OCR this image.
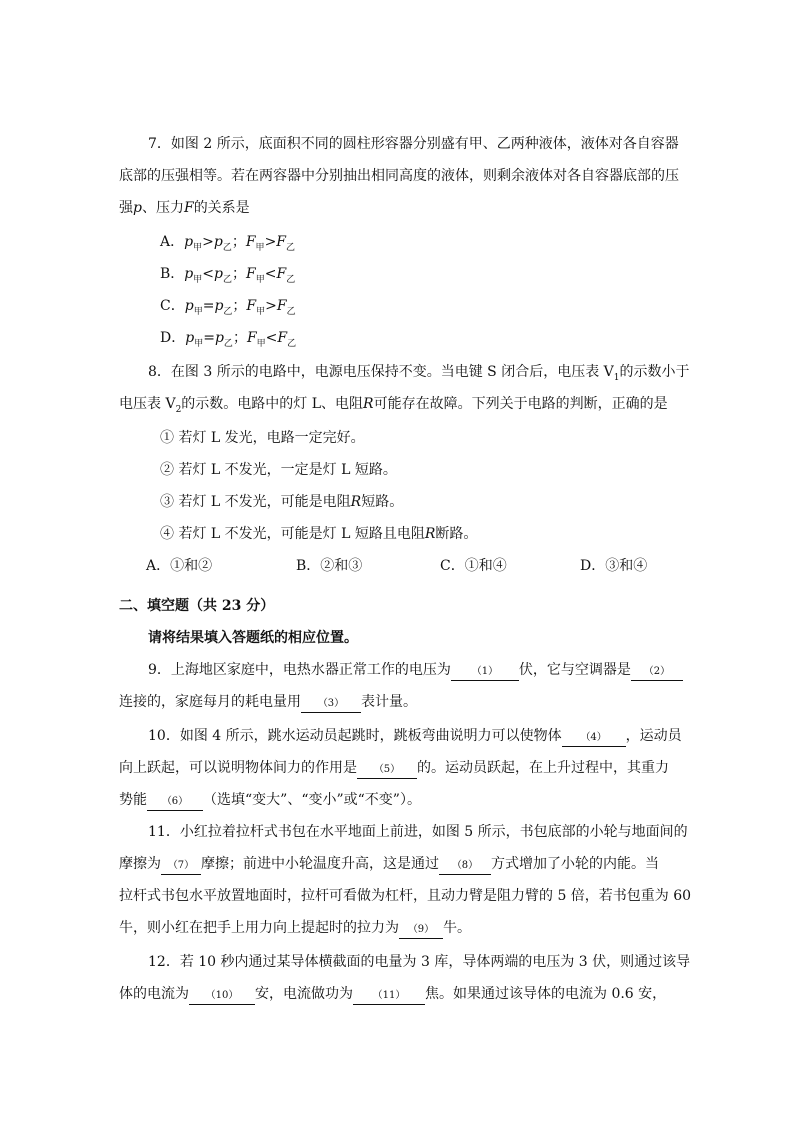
7．如图 2 所示，底面积不同的圆柱形容器分别盛有甲、乙两种液体，液体对各自容器
底部的压强相等。若在两容器中分别抽出相同高度的液体，则剩余液体对各自容器底部的压
强p、压力F的关系是
A．$p_甲>p_乙$；$F_甲>F_乙$
B．$p_甲<p_乙$；$F_甲<F_乙$
C．$p_甲=p_乙$；$F_甲>F_乙$
D．$p_甲=p_乙$；$F_甲<F_乙$
8．在图 3 所示的电路中，电源电压保持不变。当电键 S 闭合后，电压表 $V_1$的示数小于
电压表 $V_2$的示数。电路中的灯 L、电阻R可能存在故障。下列关于电路的判断，正确的是
① 若灯 L 发光，电路一定完好。
② 若灯 L 不发光，一定是灯 L 短路。
③ 若灯 L 不发光，可能是电阻R短路。
④ 若灯 L 不发光，可能是灯 L 短路且电阻R断路。
A．①和②	B．②和③	C．①和④	D．③和④
二、填空题（共 23 分）
请将结果填入答题纸的相应位置。
9．上海地区家庭中，电热水器正常工作的电压为 （1） 伏，它与空调器是 （2）
连接的，家庭每月的耗电量用 （3） 表计量。
10．如图 4 所示，跳水运动员起跳时，跳板弯曲说明力可以使物体 （4） ，运动员
向上跃起，可以说明物体间力的作用是 （5） 的。运动员跃起，在上升过程中，其重力
势能 （6） （选填“变大”、“变小”或“不变”）。
11．小红拉着拉杆式书包在水平地面上前进，如图 5 所示，书包底部的小轮与地面间的
摩擦为 （7） 摩擦；前进中小轮温度升高，这是通过 （8） 方式增加了小轮的内能。当
拉杆式书包水平放置地面时，拉杆可看做为杠杆，且动力臂是阻力臂的 5 倍，若书包重为 60
牛，则小红在把手上用力向上提起时的拉力为 （9） 牛。
12．若 10 秒内通过某导体横截面的电量为 3 库，导体两端的电压为 3 伏，则通过该导
体的电流为 （10） 安，电流做功为 （11） 焦。如果通过该导体的电流为 0.6 安，
